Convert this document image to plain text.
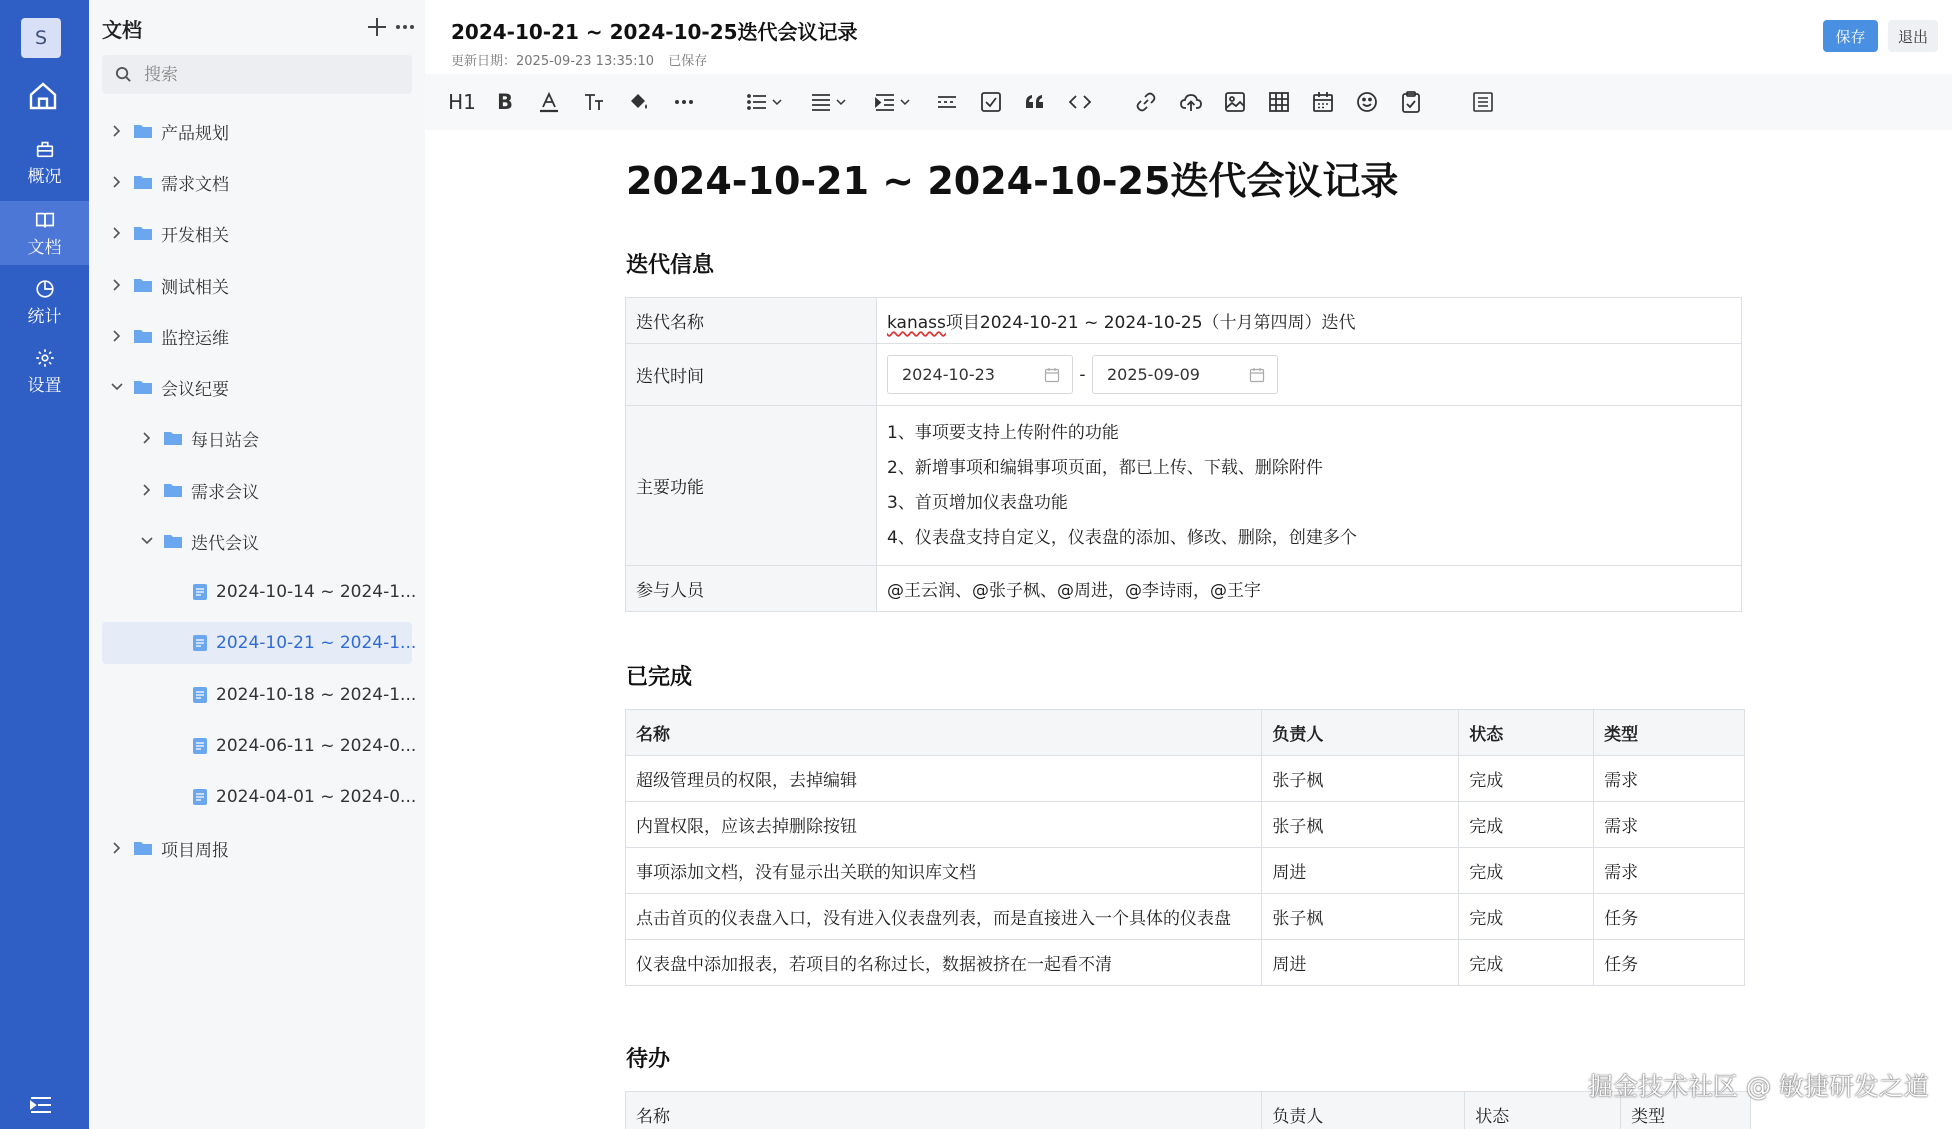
S
概况
文档
统计
设置
文档
搜索
产品规划
需求文档
开发相关
测试相关
监控运维
会议纪要
每日站会
需求会议
迭代会议
2024-10-14 ~ 2024-1...
2024-10-21 ~ 2024-1...
2024-10-18 ~ 2024-1...
2024-06-11 ~ 2024-0...
2024-04-01 ~ 2024-0...
项目周报
2024-10-21 ~ 2024-10-25迭代会议记录
更新日期：2025-09-23 13:35:10 已保存
保存	退出
H1 B
2024-10-21 ~ 2024-10-25迭代会议记录
迭代信息
迭代名称	kanass项目2024-10-21 ~ 2024-10-25（十月第四周）迭代
迭代时间	2024-10-23 - 2025-09-09

主要功能	1、事项要支持上传附件的功能
2、新增事项和编辑事项页面，都已上传、下载、删除附件
3、首页增加仪表盘功能
4、仪表盘支持自定义，仪表盘的添加、修改、删除，创建多个

参与人员	@王云润、@张子枫、@周进，@李诗雨，@王宇
已完成
名称	负责人	状态	类型
超级管理员的权限，去掉编辑	张子枫	完成	需求
内置权限，应该去掉删除按钮	张子枫	完成	需求
事项添加文档，没有显示出关联的知识库文档	周进	完成	需求
点击首页的仪表盘入口，没有进入仪表盘列表，而是直接进入一个具体的仪表盘	张子枫	完成	任务
仪表盘中添加报表，若项目的名称过长，数据被挤在一起看不清	周进	完成	任务
待办
名称	负责人	状态	类型
掘金技术社区 @ 敏捷研发之道
